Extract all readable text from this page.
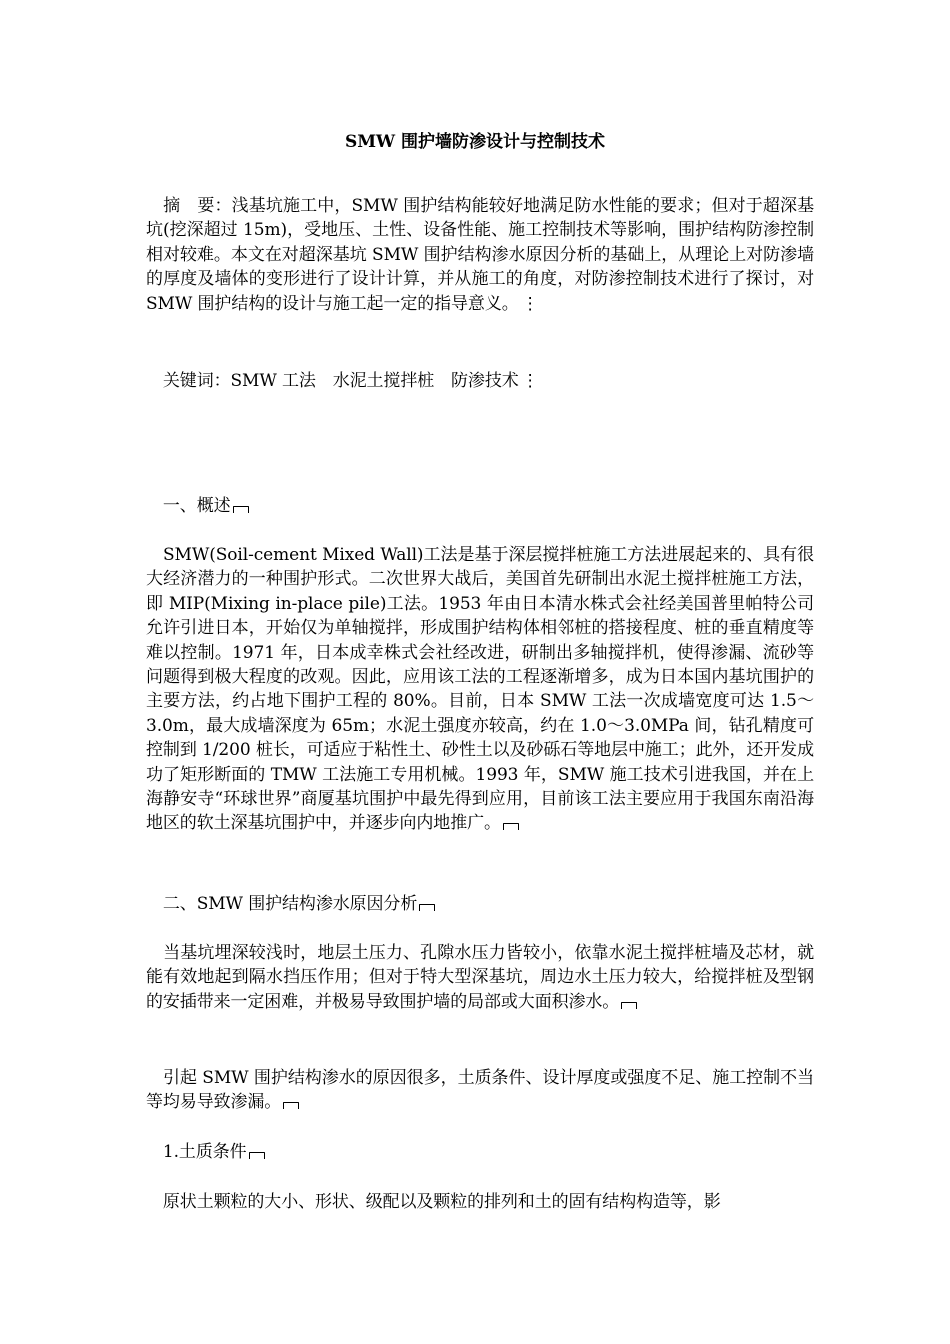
SMW 围护墙防渗设计与控制技术

　摘　要：浅基坑施工中，SMW 围护结构能较好地满足防水性能的要求；但对于超深基坑(挖深超过 15m)，受地压、土性、设备性能、施工控制技术等影响，围护结构防渗控制相对较难。本文在对超深基坑 SMW 围护结构渗水原因分析的基础上，从理论上对防渗墙的厚度及墙体的变形进行了设计计算，并从施工的角度，对防渗控制技术进行了探讨，对 SMW 围护结构的设计与施工起一定的指导意义。 ⋮

　关键词：SMW 工法　水泥土搅拌桩　防渗技术 ⋮

　一、概述

　SMW(Soil-cement Mixed Wall)工法是基于深层搅拌桩施工方法进展起来的、具有很大经济潜力的一种围护形式。二次世界大战后，美国首先研制出水泥土搅拌桩施工方法，即 MIP(Mixing in-place pile)工法。1953 年由日本清水株式会社经美国普里帕特公司允许引进日本，开始仅为单轴搅拌，形成围护结构体相邻桩的搭接程度、桩的垂直精度等难以控制。1971 年，日本成幸株式会社经改进，研制出多轴搅拌机，使得渗漏、流砂等问题得到极大程度的改观。因此，应用该工法的工程逐渐增多，成为日本国内基坑围护的主要方法，约占地下围护工程的 80%。目前，日本 SMW 工法一次成墙宽度可达 1.5～3.0m，最大成墙深度为 65m；水泥土强度亦较高，约在 1.0～3.0MPa 间，钻孔精度可控制到 1/200 桩长，可适应于粘性土、砂性土以及砂砾石等地层中施工；此外，还开发成功了矩形断面的 TMW 工法施工专用机械。1993 年，SMW 施工技术引进我国，并在上海静安寺“环球世界”商厦基坑围护中最先得到应用，目前该工法主要应用于我国东南沿海地区的软土深基坑围护中，并逐步向内地推广。

　二、SMW 围护结构渗水原因分析

　当基坑埋深较浅时，地层土压力、孔隙水压力皆较小，依靠水泥土搅拌桩墙及芯材，就能有效地起到隔水挡压作用；但对于特大型深基坑，周边水土压力较大，给搅拌桩及型钢的安插带来一定困难，并极易导致围护墙的局部或大面积渗水。

　引起 SMW 围护结构渗水的原因很多，土质条件、设计厚度或强度不足、施工控制不当等均易导致渗漏。

　1.土质条件

　原状土颗粒的大小、形状、级配以及颗粒的排列和土的固有结构构造等，影
